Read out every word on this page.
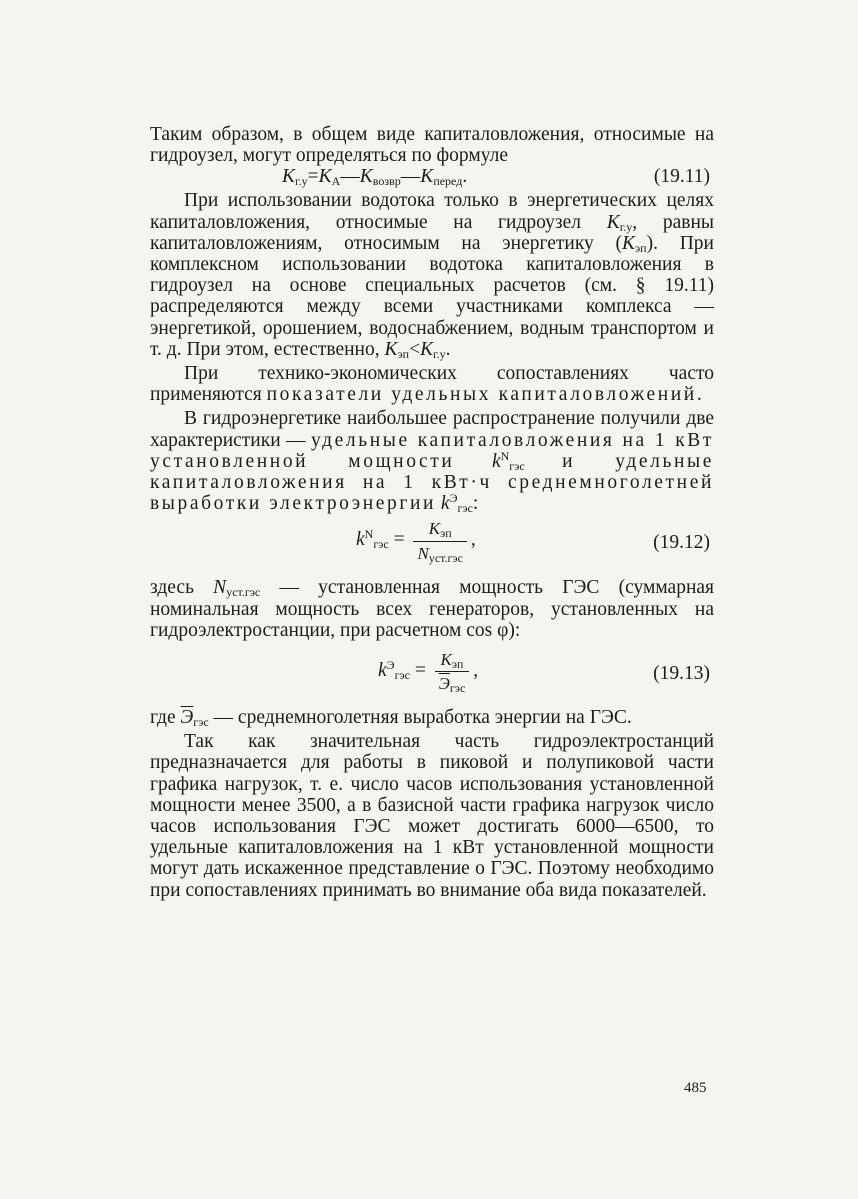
Таким образом, в общем виде капиталовложения, относимые на гидроузел, могут определяться по формуле

$K_{г.у}=K_А—K_{возвр}—K_{перед}$.	(19.11)

При использовании водотока только в энергетических целях капиталовложения, относимые на гидроузел $K_{г.у}$, равны капиталовложениям, относимым на энергетику $(K_{эп})$. При комплексном использовании водотока капиталовложения в гидроузел на основе специальных расчетов (см. § 19.11) распределяются между всеми участниками комплекса — энергетикой, орошением, водоснабжением, водным транспортом и т. д. При этом, естественно, $K_{эп}<K_{г.у}$.

При технико-экономических сопоставлениях часто применяются показатели удельных капиталовложений.

В гидроэнергетике наибольшее распространение получили две характеристики — удельные капиталовложения на 1 кВт установленной мощности $k^N_{гэс}$ и удельные капиталовложения на 1 кВт·ч среднемноголетней выработки электроэнергии $k^Э_{гэс}$:

$k^N_{гэс} = \frac{K_{эп}}{N_{уст.гэс}}$ ,	(19.12)

здесь $N_{уст.гэс}$ — установленная мощность ГЭС (суммарная номинальная мощность всех генераторов, установленных на гидроэлектростанции, при расчетном cos φ):

$k^Э_{гэс} = \frac{K_{эп}}{Э_{гэс}}$ ,	(19.13)

где $Э_{гэс}$ — среднемноголетняя выработка энергии на ГЭС.

Так как значительная часть гидроэлектростанций предназначается для работы в пиковой и полупиковой части графика нагрузок, т. е. число часов использования установленной мощности менее 3500, а в базисной части графика нагрузок число часов использования ГЭС может достигать 6000—6500, то удельные капиталовложения на 1 кВт установленной мощности могут дать искаженное представление о ГЭС. Поэтому необходимо при сопоставлениях принимать во внимание оба вида показателей.

485
